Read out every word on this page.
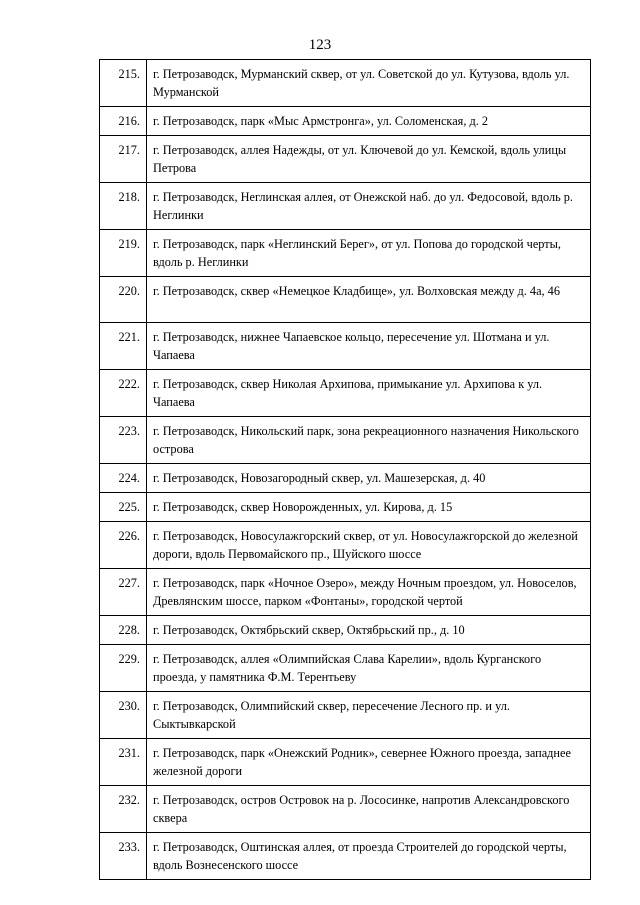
123
215.	г. Петрозаводск, Мурманский сквер, от ул. Советской до ул. Кутузова, вдоль ул. Мурманской
216.	г. Петрозаводск, парк «Мыс Армстронга», ул. Соломенская, д. 2
217.	г. Петрозаводск, аллея Надежды, от ул. Ключевой до ул. Кемской, вдоль улицы Петрова
218.	г. Петрозаводск, Неглинская аллея, от Онежской наб. до ул. Федосовой, вдоль р. Неглинки
219.	г. Петрозаводск, парк «Неглинский Берег», от ул. Попова до городской черты, вдоль р. Неглинки
220.	г. Петрозаводск, сквер «Немецкое Кладбище», ул. Волховская между д. 4а, 46
221.	г. Петрозаводск, нижнее Чапаевское кольцо, пересечение ул. Шотмана и ул. Чапаева
222.	г. Петрозаводск, сквер Николая Архипова, примыкание ул. Архипова к ул. Чапаева
223.	г. Петрозаводск, Никольский парк, зона рекреационного назначения Никольского острова
224.	г. Петрозаводск, Новозагородный сквер, ул. Машезерская, д. 40
225.	г. Петрозаводск, сквер Новорожденных, ул. Кирова, д. 15
226.	г. Петрозаводск, Новосулажгорский сквер, от ул. Новосулажгорской до железной дороги, вдоль Первомайского пр., Шуйского шоссе
227.	г. Петрозаводск, парк «Ночное Озеро», между Ночным проездом, ул. Новоселов, Древлянским шоссе, парком «Фонтаны», городской чертой
228.	г. Петрозаводск, Октябрьский сквер, Октябрьский пр., д. 10
229.	г. Петрозаводск, аллея «Олимпийская Слава Карелии», вдоль Курганского проезда, у памятника Ф.М. Терентьеву
230.	г. Петрозаводск, Олимпийский сквер, пересечение Лесного пр. и ул. Сыктывкарской
231.	г. Петрозаводск, парк «Онежский Родник», севернее Южного проезда, западнее железной дороги
232.	г. Петрозаводск, остров Островок на р. Лососинке, напротив Александровского сквера
233.	г. Петрозаводск, Оштинская аллея, от проезда Строителей до городской черты, вдоль Вознесенского шоссе
